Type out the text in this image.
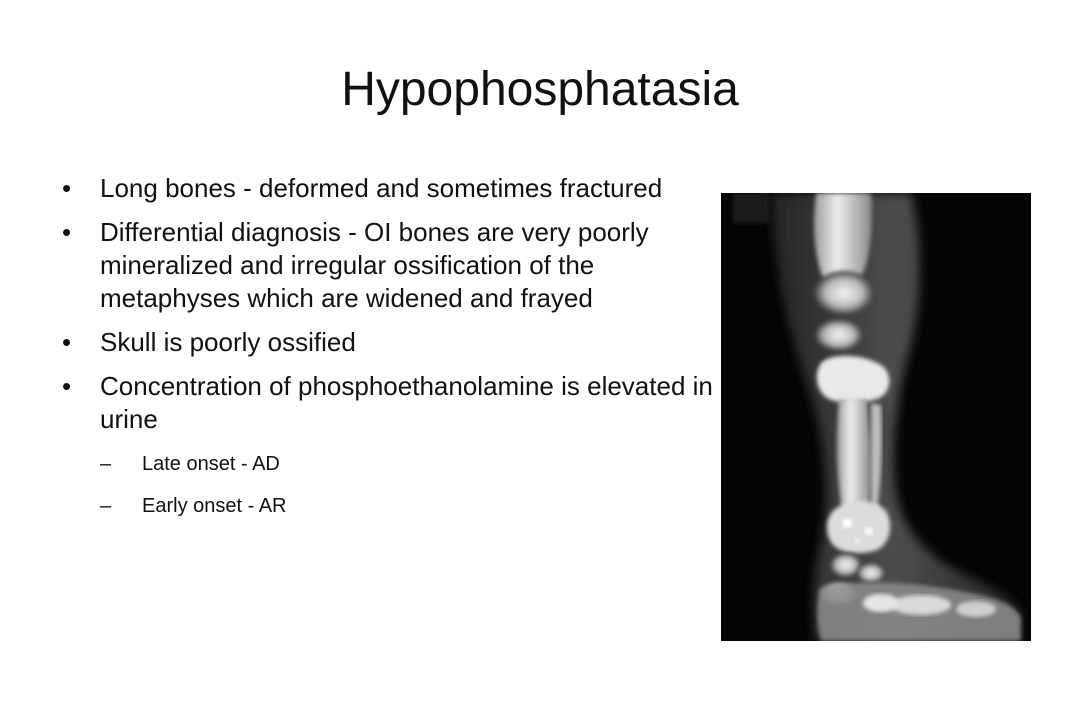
Hypophosphatasia
• Long bones - deformed and sometimes fractured
• Differential diagnosis - OI bones are very poorly mineralized and irregular ossification of the metaphyses which are widened and frayed
• Skull is poorly ossified
• Concentration of phosphoethanolamine is elevated in urine
– Late onset - AD
– Early onset - AR
